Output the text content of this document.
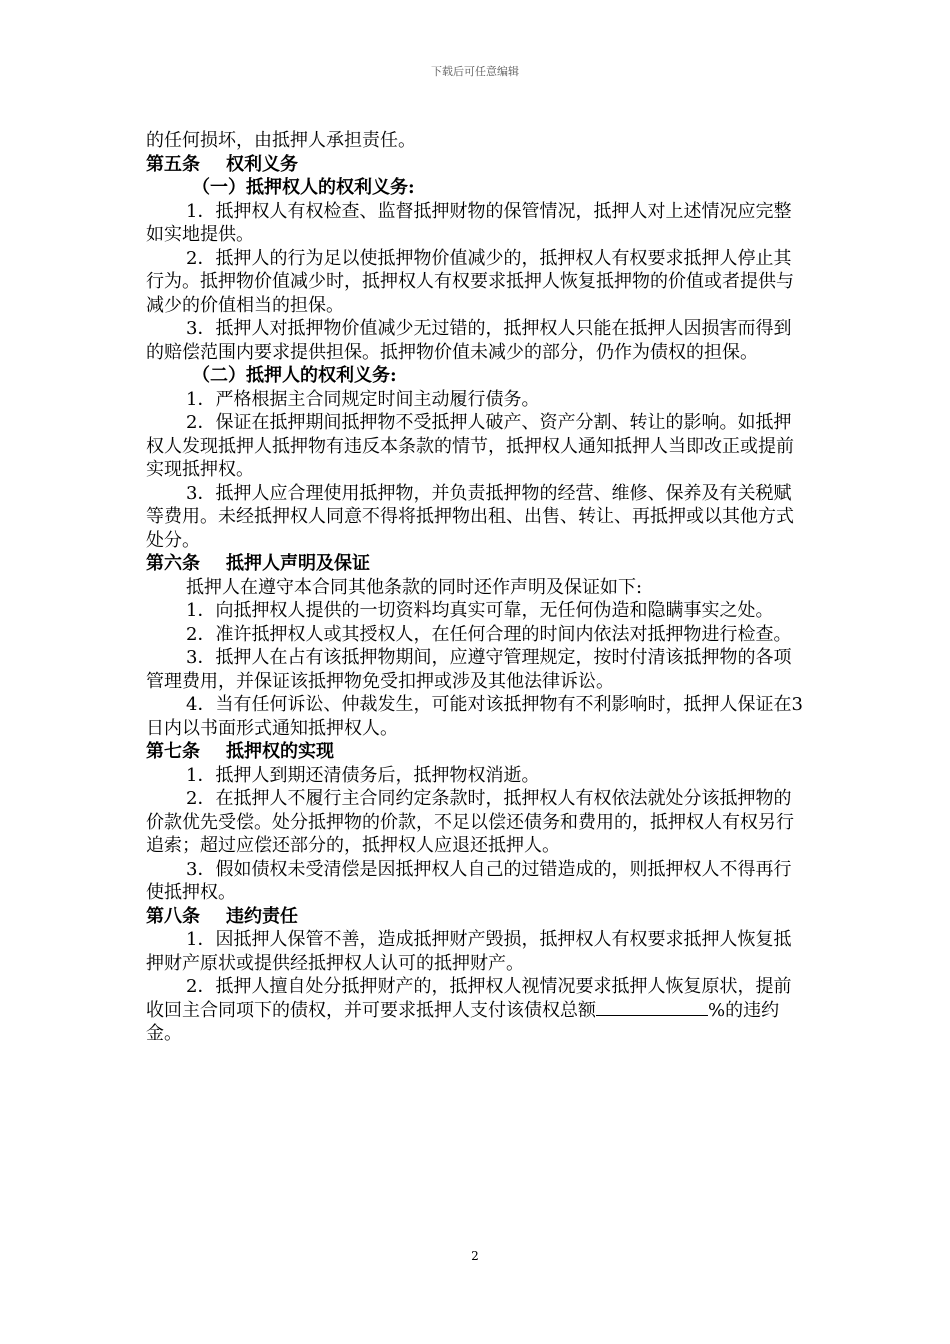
下载后可任意编辑

的任何损坏，由抵押人承担责任。

第五条 权利义务

（一）抵押权人的权利义务:

1．抵押权人有权检查、监督抵押财物的保管情况，抵押人对上述情况应完整如实地提供。

2．抵押人的行为足以使抵押物价值减少的，抵押权人有权要求抵押人停止其行为。抵押物价值减少时，抵押权人有权要求抵押人恢复抵押物的价值或者提供与减少的价值相当的担保。

3．抵押人对抵押物价值减少无过错的，抵押权人只能在抵押人因损害而得到的赔偿范围内要求提供担保。抵押物价值未减少的部分，仍作为债权的担保。

（二）抵押人的权利义务:

1．严格根据主合同规定时间主动履行债务。

2．保证在抵押期间抵押物不受抵押人破产、资产分割、转让的影响。如抵押权人发现抵押人抵押物有违反本条款的情节，抵押权人通知抵押人当即改正或提前实现抵押权。

3．抵押人应合理使用抵押物，并负责抵押物的经营、维修、保养及有关税赋等费用。未经抵押权人同意不得将抵押物出租、出售、转让、再抵押或以其他方式处分。

第六条 抵押人声明及保证

抵押人在遵守本合同其他条款的同时还作声明及保证如下:

1．向抵押权人提供的一切资料均真实可靠，无任何伪造和隐瞒事实之处。

2．准许抵押权人或其授权人，在任何合理的时间内依法对抵押物进行检查。

3．抵押人在占有该抵押物期间，应遵守管理规定，按时付清该抵押物的各项管理费用，并保证该抵押物免受扣押或涉及其他法律诉讼。

4．当有任何诉讼、仲裁发生，可能对该抵押物有不利影响时，抵押人保证在3日内以书面形式通知抵押权人。

第七条 抵押权的实现

1．抵押人到期还清债务后，抵押物权消逝。

2．在抵押人不履行主合同约定条款时，抵押权人有权依法就处分该抵押物的价款优先受偿。处分抵押物的价款，不足以偿还债务和费用的，抵押权人有权另行追索；超过应偿还部分的，抵押权人应退还抵押人。

3．假如债权未受清偿是因抵押权人自己的过错造成的，则抵押权人不得再行使抵押权。

第八条 违约责任

1．因抵押人保管不善，造成抵押财产毁损，抵押权人有权要求抵押人恢复抵押财产原状或提供经抵押权人认可的抵押财产。

2．抵押人擅自处分抵押财产的，抵押权人视情况要求抵押人恢复原状，提前收回主合同项下的债权，并可要求抵押人支付该债权总额	%的违约金。

2
